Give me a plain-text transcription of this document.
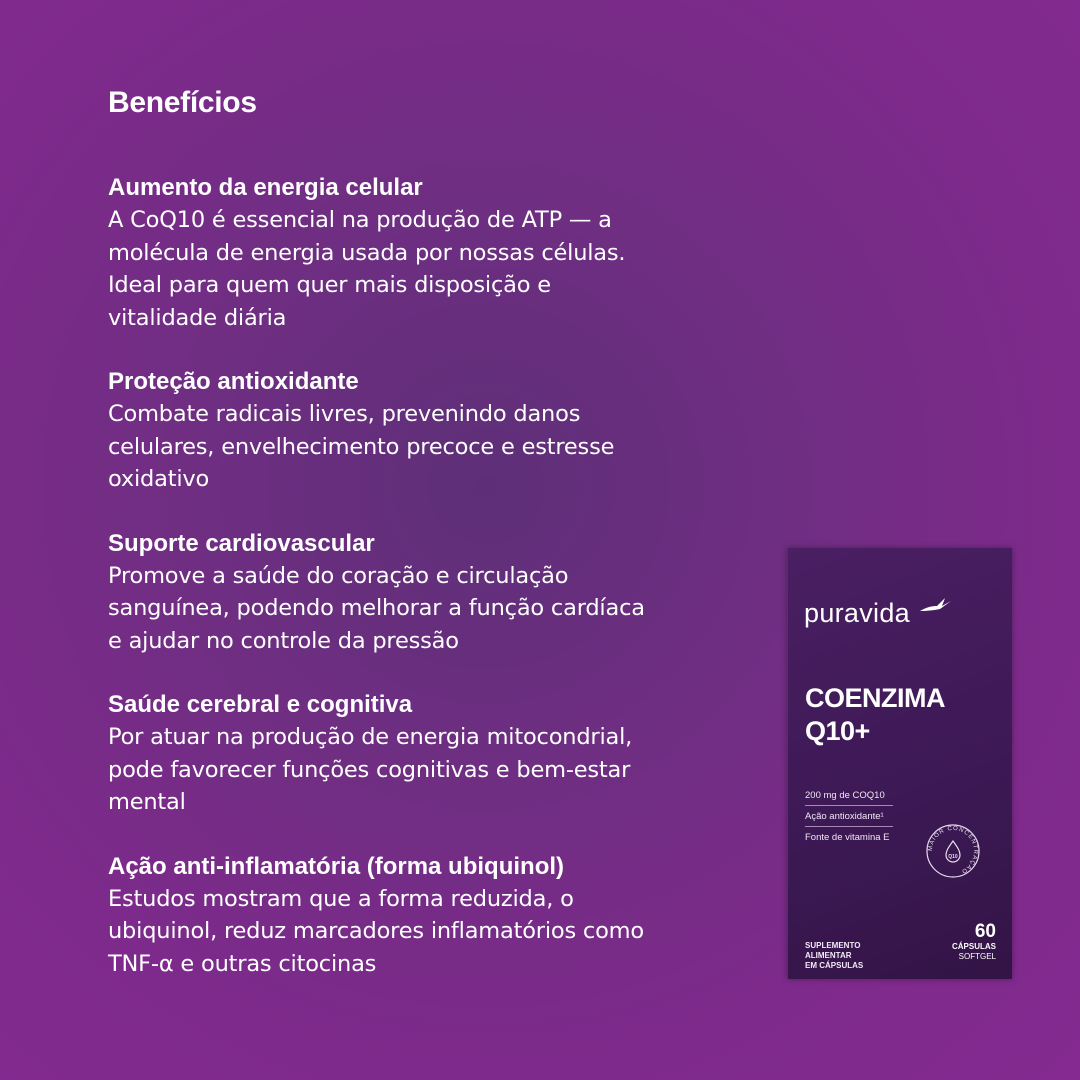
Benefícios

Aumento da energia celular

A CoQ10 é essencial na produção de ATP — a
molécula de energia usada por nossas células.
Ideal para quem quer mais disposição e
vitalidade diária

Proteção antioxidante

Combate radicais livres, prevenindo danos
celulares, envelhecimento precoce e estresse
oxidativo

Suporte cardiovascular

Promove a saúde do coração e circulação
sanguínea, podendo melhorar a função cardíaca
e ajudar no controle da pressão

Saúde cerebral e cognitiva

Por atuar na produção de energia mitocondrial,
pode favorecer funções cognitivas e bem-estar
mental

Ação anti-inflamatória (forma ubiquinol)

Estudos mostram que a forma reduzida, o
ubiquinol, reduz marcadores inflamatórios como
TNF-α e outras citocinas

puravida
COENZIMA
Q10+
200 mg de COQ10
Ação antioxidante¹
Fonte de vitamina E
MAIOR CONCENTRAÇÃO
Q10
SUPLEMENTO ALIMENTAR
EM CÁPSULAS
60
CÁPSULAS
SOFTGEL
